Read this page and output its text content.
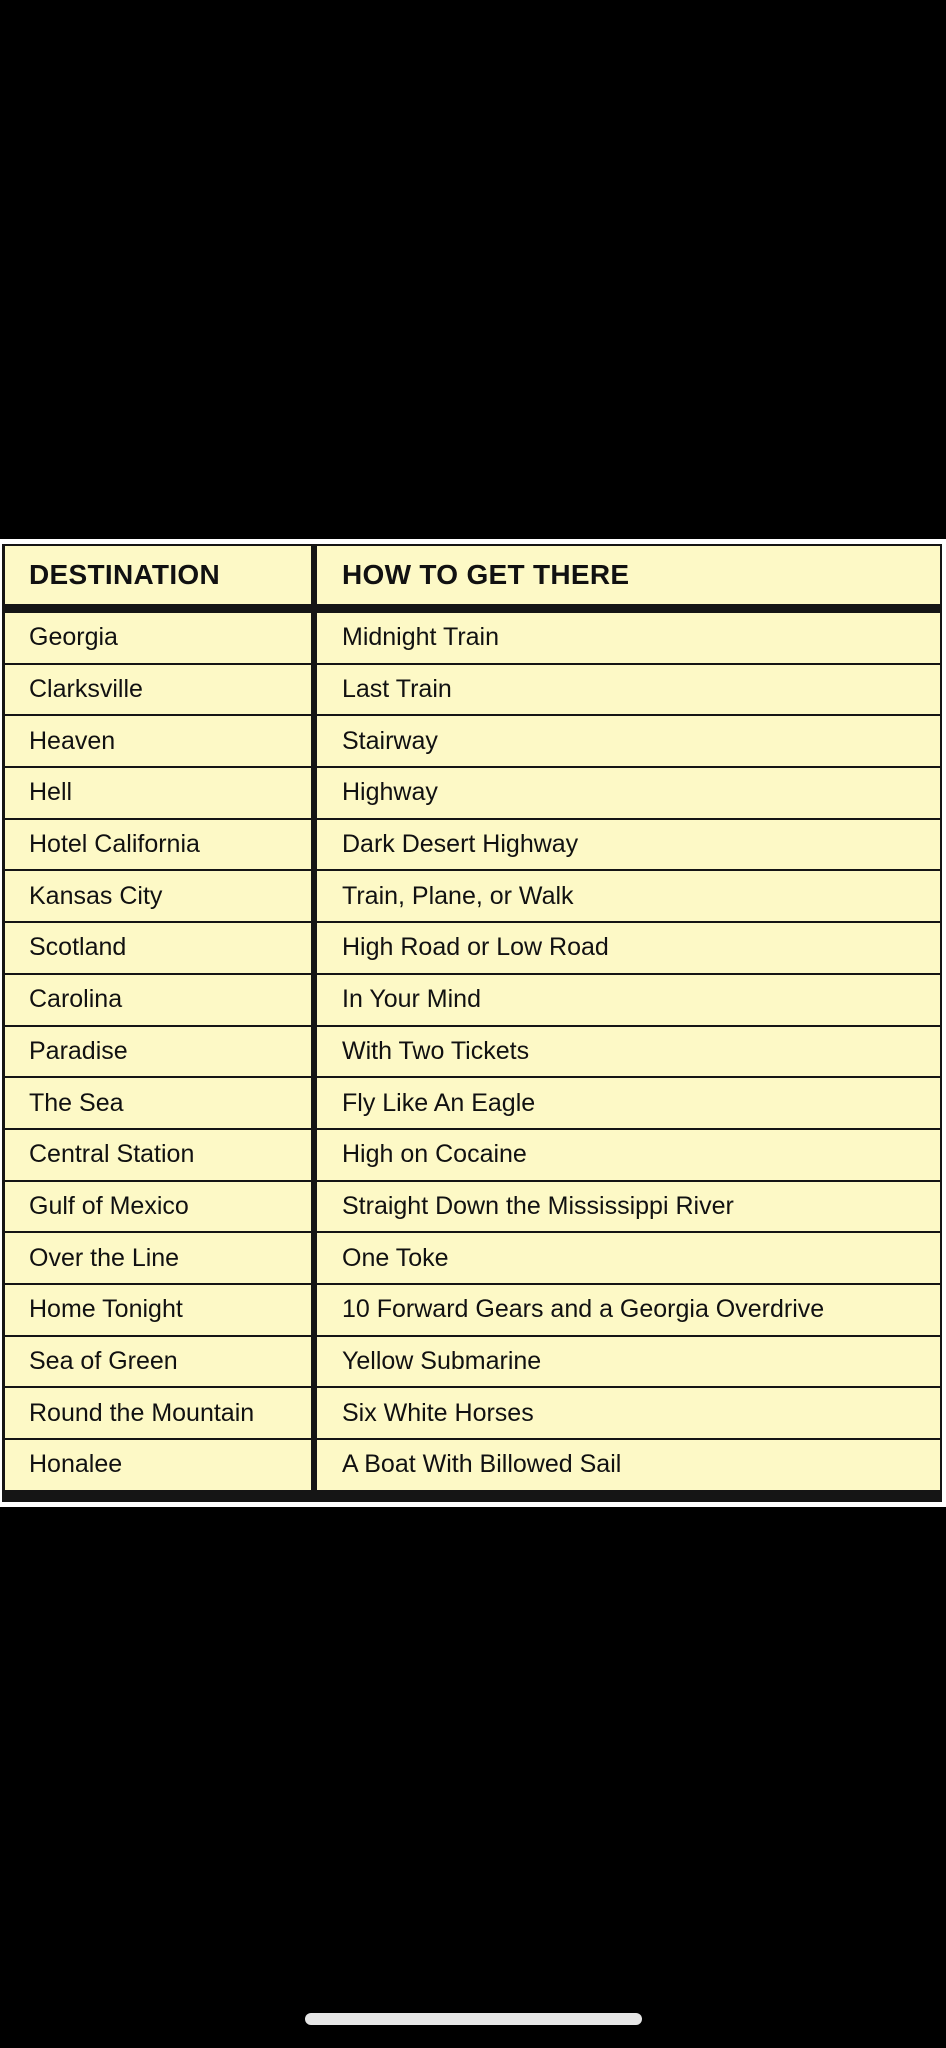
DESTINATION	HOW TO GET THERE
Georgia	Midnight Train
Clarksville	Last Train
Heaven	Stairway
Hell	Highway
Hotel California	Dark Desert Highway
Kansas City	Train, Plane, or Walk
Scotland	High Road or Low Road
Carolina	In Your Mind
Paradise	With Two Tickets
The Sea	Fly Like An Eagle
Central Station	High on Cocaine
Gulf of Mexico	Straight Down the Mississippi River
Over the Line	One Toke
Home Tonight	10 Forward Gears and a Georgia Overdrive
Sea of Green	Yellow Submarine
Round the Mountain	Six White Horses
Honalee	A Boat With Billowed Sail
